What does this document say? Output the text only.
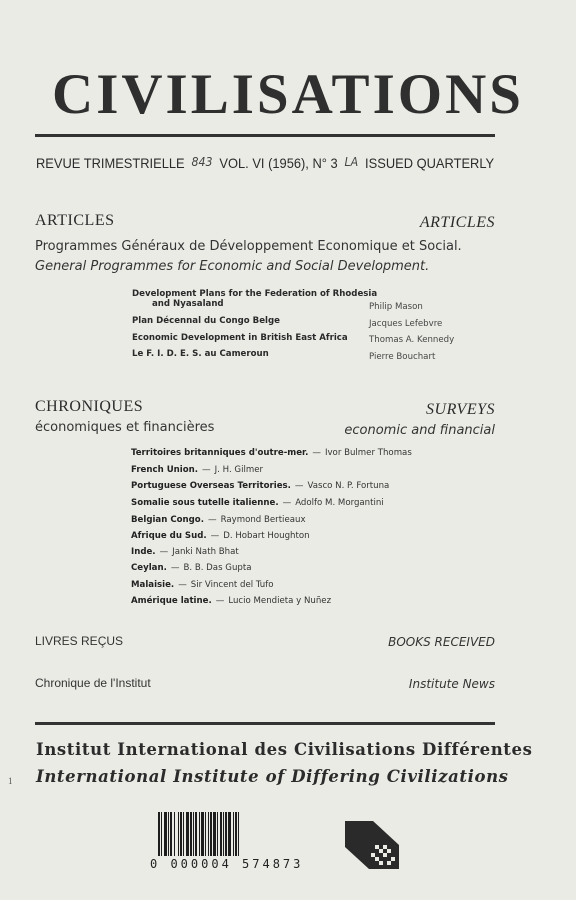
CIVILISATIONS
REVUE TRIMESTRIELLE 843 VOL. VI (1956), N° 3 LA ISSUED QUARTERLY
ARTICLES	ARTICLES
Programmes Généraux de Développement Economique et Social.
General Programmes for Economic and Social Development.
Development Plans for the Federation of Rhodesia
and Nyasaland	Philip Mason
Plan Décennal du Congo Belge	Jacques Lefebvre
Economic Development in British East Africa Thomas A. Kennedy
Le F. I. D. E. S. au Cameroun	Pierre Bouchart
CHRONIQUES	SURVEYS
économiques et financières	economic and financial
Territoires britanniques d'outre-mer. — Ivor Bulmer Thomas
French Union. — J. H. Gilmer
Portuguese Overseas Territories. — Vasco N. P. Fortuna
Somalie sous tutelle italienne. — Adolfo M. Morgantini
Belgian Congo. — Raymond Bertieaux
Afrique du Sud. — D. Hobart Houghton
Inde. — Janki Nath Bhat
Ceylan. — B. B. Das Gupta
Malaisie. — Sir Vincent del Tufo
Amérique latine. — Lucio Mendieta y Nuñez
LIVRES REÇUS	BOOKS RECEIVED
Chronique de l'Institut	Institute News
Institut International des Civilisations Différentes
International Institute of Differing Civilizations
1
0 000004 574873
